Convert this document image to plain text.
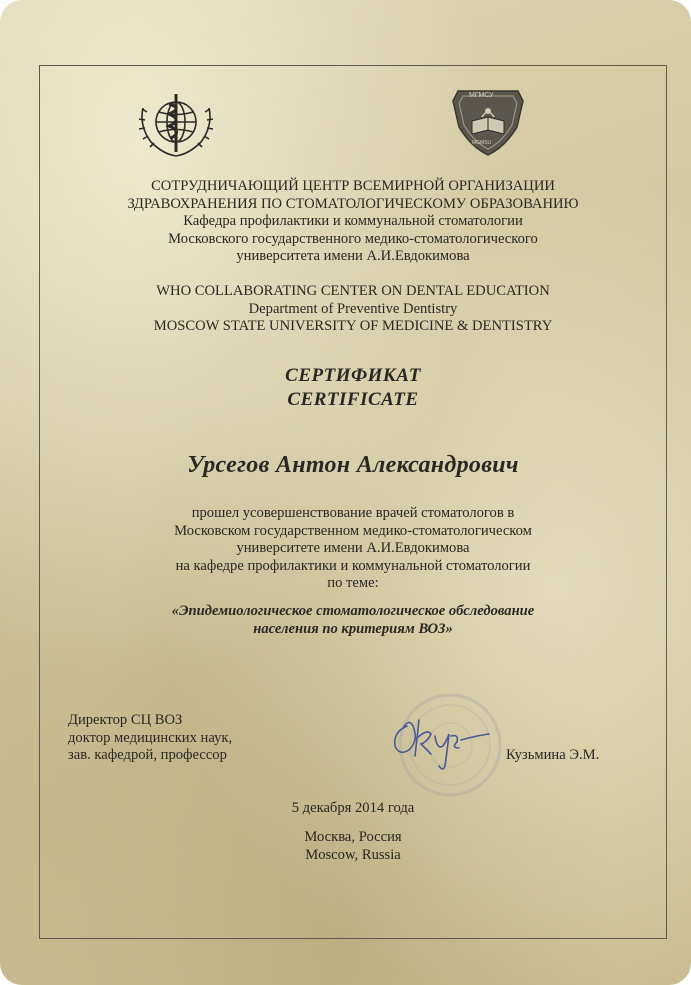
МГМСУ
MGMSU
СОТРУДНИЧАЮЩИЙ ЦЕНТР ВСЕМИРНОЙ ОРГАНИЗАЦИИ
ЗДРАВОХРАНЕНИЯ ПО СТОМАТОЛОГИЧЕСКОМУ ОБРАЗОВАНИЮ
Кафедра профилактики и коммунальной стоматологии
Московского государственного медико-стоматологического
университета имени А.И.Евдокимова
WHO COLLABORATING CENTER ON DENTAL EDUCATION
Department of Preventive Dentistry
MOSCOW STATE UNIVERSITY OF MEDICINE & DENTISTRY
СЕРТИФИКАТ
CERTIFICATE
Урсегов Антон Александрович
прошел усовершенствование врачей стоматологов в
Московском государственном медико-стоматологическом
университете имени А.И.Евдокимова
на кафедре профилактики и коммунальной стоматологии
по теме:
«Эпидемиологическое стоматологическое обследование
населения по критериям ВОЗ»
Директор СЦ ВОЗ
доктор медицинских наук,
зав. кафедрой, профессор	Кузьмина Э.М.
5 декабря 2014 года
Москва, Россия
Moscow, Russia
